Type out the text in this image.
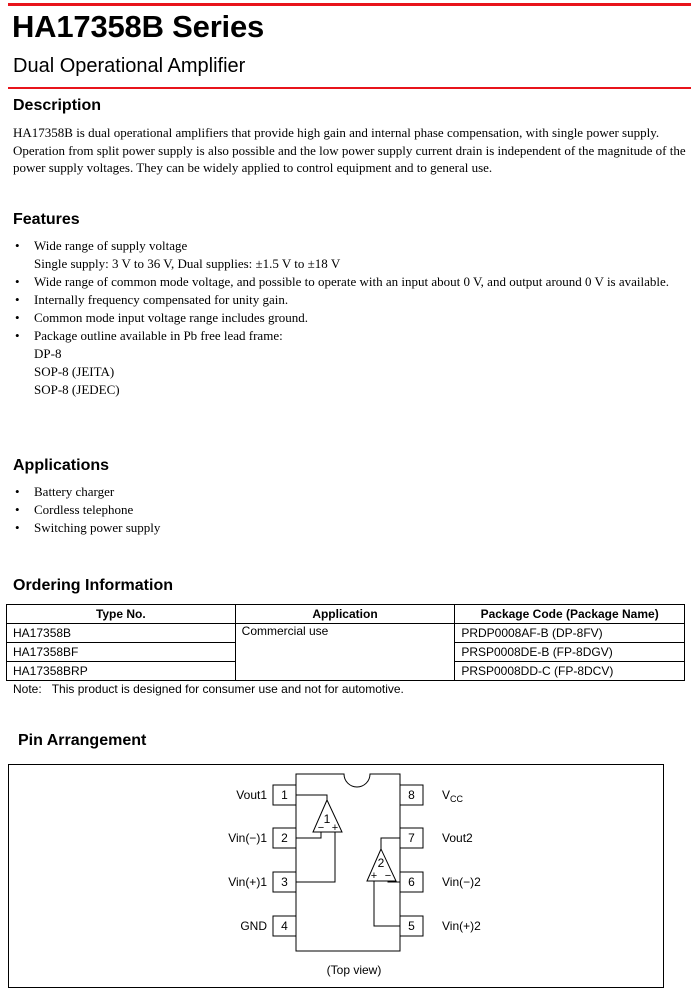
HA17358B Series
Dual Operational Amplifier
Description
HA17358B is dual operational amplifiers that provide high gain and internal phase compensation, with single power supply. Operation from split power supply is also possible and the low power supply current drain is independent of the magnitude of the power supply voltages. They can be widely applied to control equipment and to general use.
Features
• Wide range of supply voltage
Single supply: 3 V to 36 V, Dual supplies: ±1.5 V to ±18 V
• Wide range of common mode voltage, and possible to operate with an input about 0 V, and output around 0 V is available.
• Internally frequency compensated for unity gain.
• Common mode input voltage range includes ground.
• Package outline available in Pb free lead frame:
DP-8
SOP-8 (JEITA)
SOP-8 (JEDEC)
Applications
• Battery charger
• Cordless telephone
• Switching power supply
Ordering Information
Type No.	Application	Package Code (Package Name)
HA17358B	Commercial use	PRDP0008AF-B (DP-8FV)
HA17358BF		PRSP0008DE-B (FP-8DGV)
HA17358BRP		PRSP0008DD-C (FP-8DCV)
Note: This product is designed for consumer use and not for automotive.
Pin Arrangement
1
2
3
4
8
7
6
5
Vout1
Vin(−)1
Vin(+)1
GND
$V_{CC}$
Vout2
Vin(−)2
Vin(+)2
1
− +
2
+ −
(Top view)
